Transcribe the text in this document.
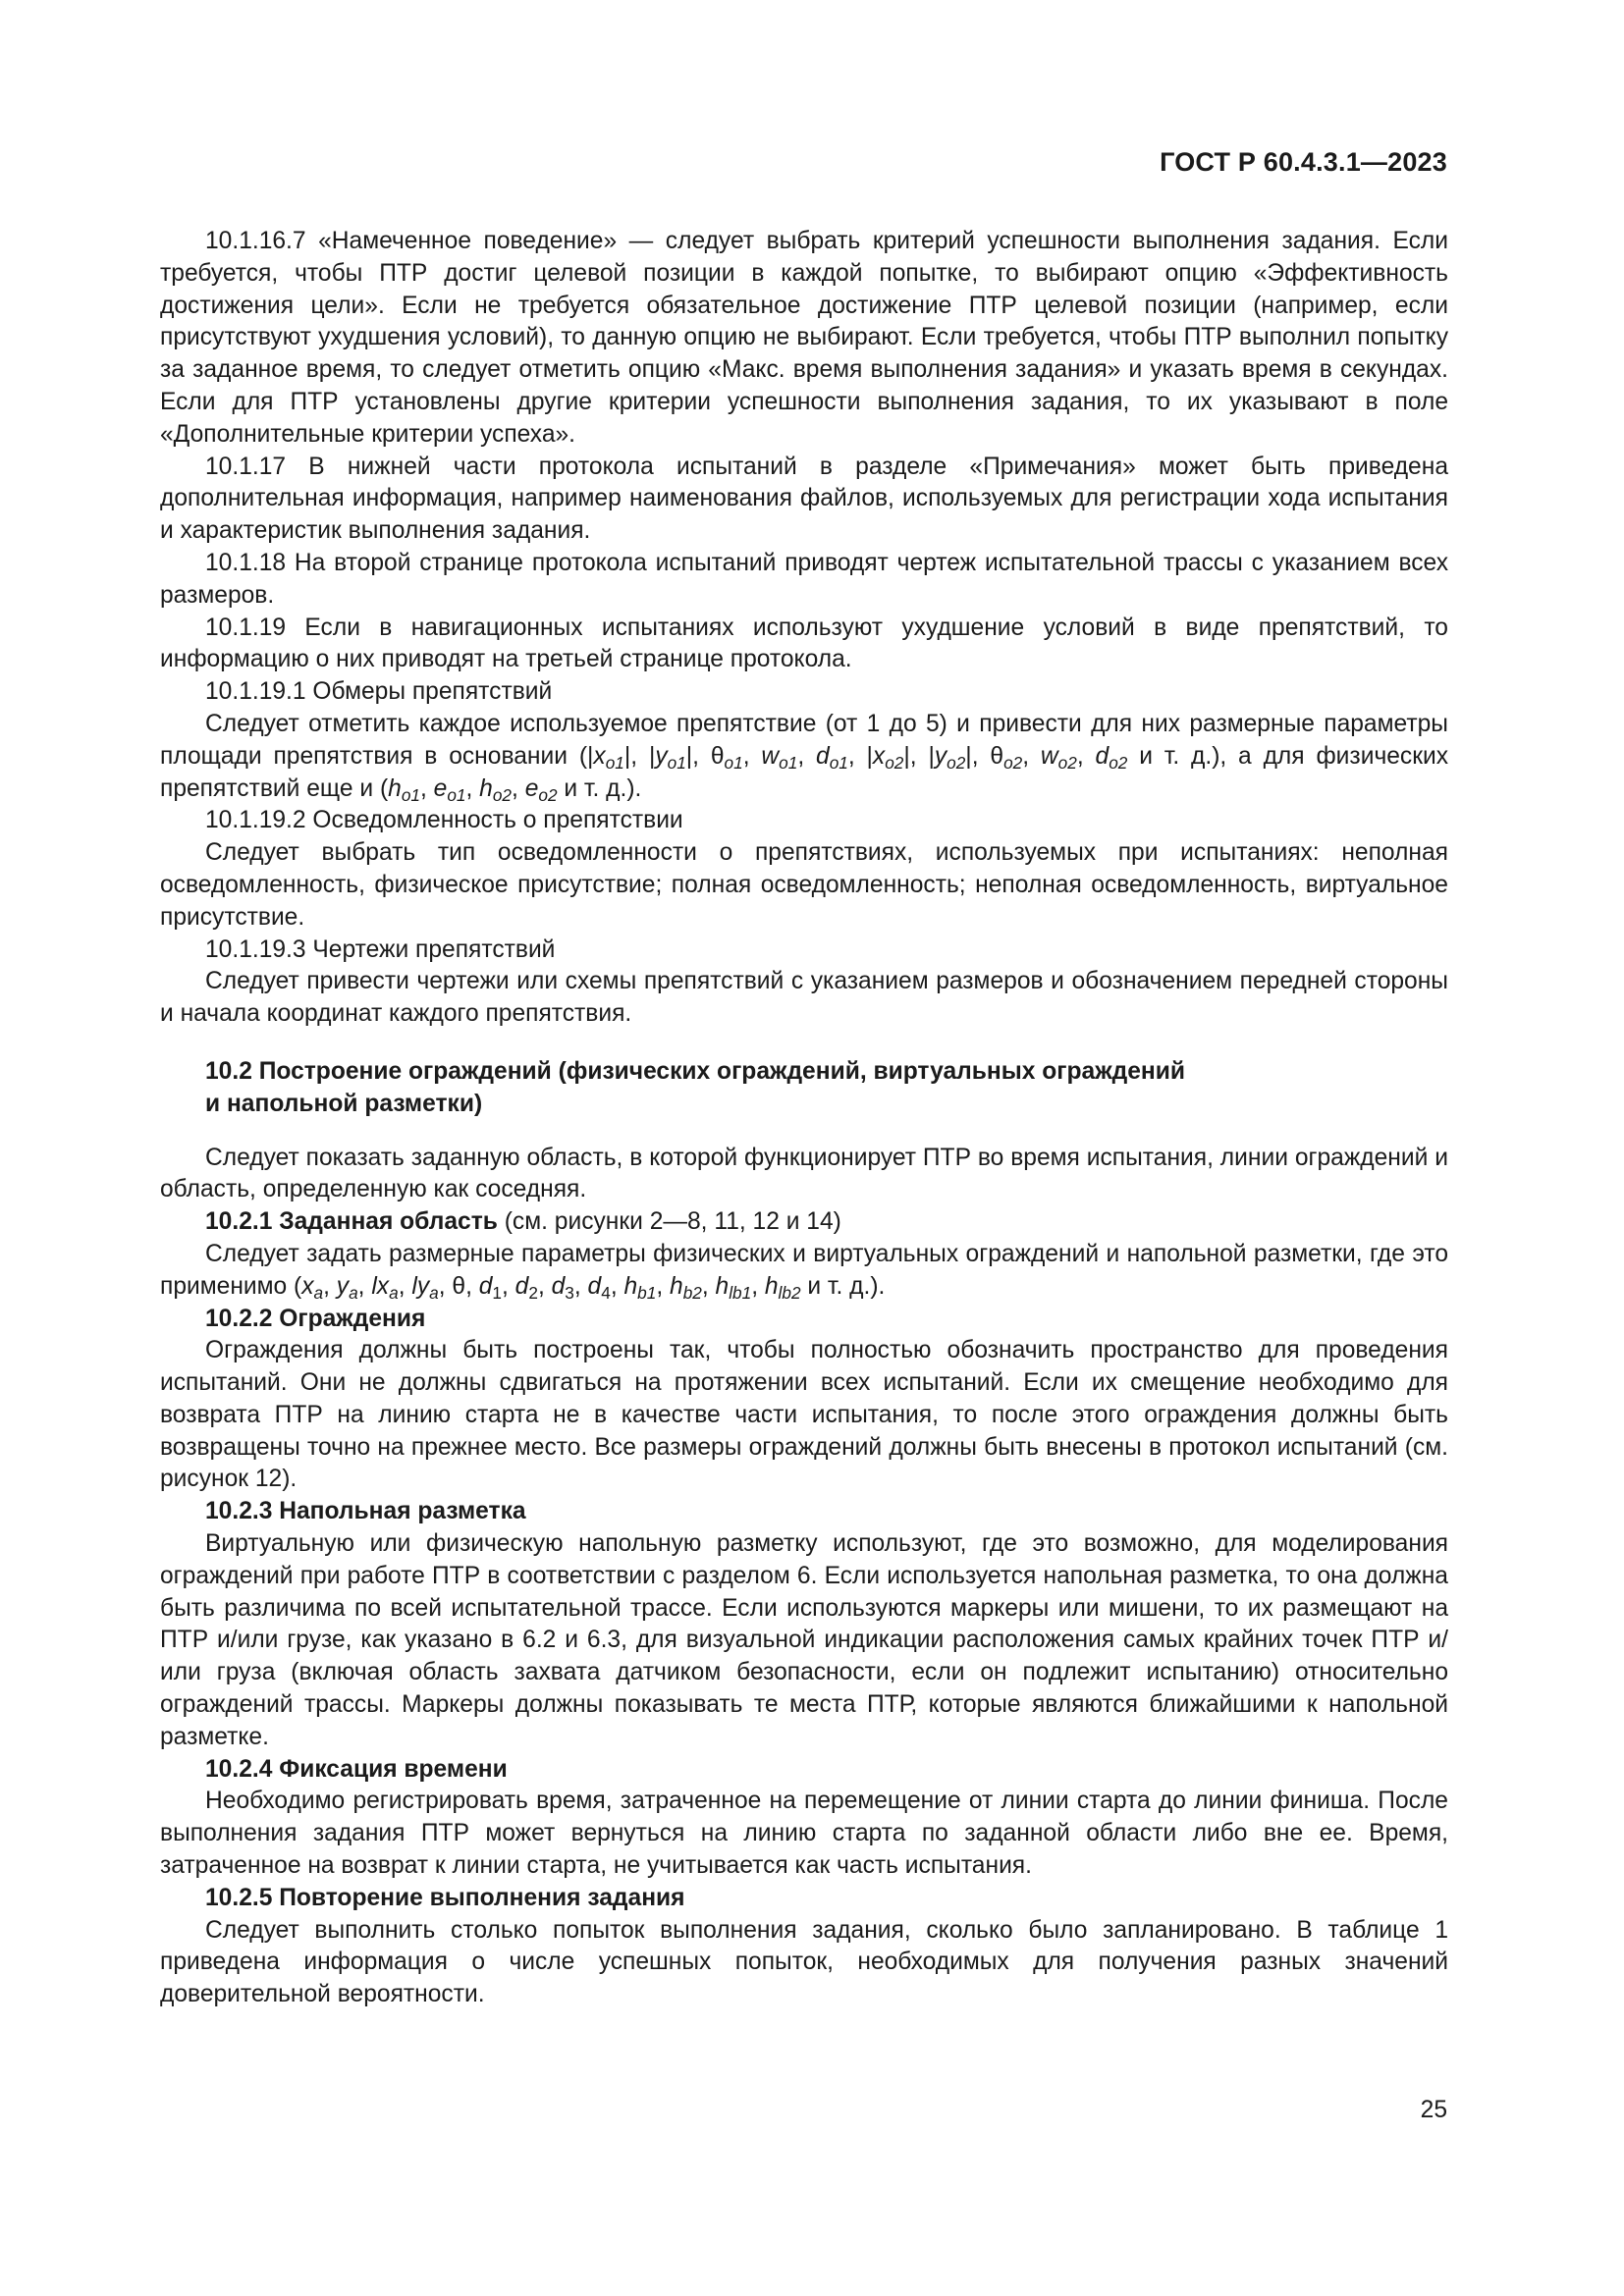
ГОСТ Р 60.4.3.1—2023

10.1.16.7 «Намеченное поведение» — следует выбрать критерий успешности выполнения задания. Если требуется, чтобы ПТР достиг целевой позиции в каждой попытке, то выбирают опцию «Эффективность достижения цели». Если не требуется обязательное достижение ПТР целевой позиции (например, если присутствуют ухудшения условий), то данную опцию не выбирают. Если требуется, чтобы ПТР выполнил попытку за заданное время, то следует отметить опцию «Макс. время выполнения задания» и указать время в секундах. Если для ПТР установлены другие критерии успешности выполнения задания, то их указывают в поле «Дополнительные критерии успеха».

10.1.17 В нижней части протокола испытаний в разделе «Примечания» может быть приведена дополнительная информация, например наименования файлов, используемых для регистрации хода испытания и характеристик выполнения задания.

10.1.18 На второй странице протокола испытаний приводят чертеж испытательной трассы с указанием всех размеров.

10.1.19 Если в навигационных испытаниях используют ухудшение условий в виде препятствий, то информацию о них приводят на третьей странице протокола.

10.1.19.1 Обмеры препятствий

Следует отметить каждое используемое препятствие (от 1 до 5) и привести для них размерные параметры площади препятствия в основании ($|x_{o1}|$, $|y_{o1}|$, $\theta_{o1}$, $w_{o1}$, $d_{o1}$, $|x_{o2}|$, $|y_{o2}|$, $\theta_{o2}$, $w_{o2}$, $d_{o2}$ и т. д.), а для физических препятствий еще и ($h_{o1}$, $e_{o1}$, $h_{o2}$, $e_{o2}$ и т. д.).

10.1.19.2 Осведомленность о препятствии

Следует выбрать тип осведомленности о препятствиях, используемых при испытаниях: неполная осведомленность, физическое присутствие; полная осведомленность; неполная осведомленность, виртуальное присутствие.

10.1.19.3 Чертежи препятствий

Следует привести чертежи или схемы препятствий с указанием размеров и обозначением передней стороны и начала координат каждого препятствия.

10.2 Построение ограждений (физических ограждений, виртуальных ограждений
и напольной разметки)

Следует показать заданную область, в которой функционирует ПТР во время испытания, линии ограждений и область, определенную как соседняя.

10.2.1 Заданная область (см. рисунки 2—8, 11, 12 и 14)

Следует задать размерные параметры физических и виртуальных ограждений и напольной разметки, где это применимо ($x_a$, $y_a$, $lx_a$, $ly_a$, θ, $d_1$, $d_2$, $d_3$, $d_4$, $h_{b1}$, $h_{b2}$, $h_{lb1}$, $h_{lb2}$ и т. д.).

10.2.2 Ограждения

Ограждения должны быть построены так, чтобы полностью обозначить пространство для проведения испытаний. Они не должны сдвигаться на протяжении всех испытаний. Если их смещение необходимо для возврата ПТР на линию старта не в качестве части испытания, то после этого ограждения должны быть возвращены точно на прежнее место. Все размеры ограждений должны быть внесены в протокол испытаний (см. рисунок 12).

10.2.3 Напольная разметка

Виртуальную или физическую напольную разметку используют, где это возможно, для моделирования ограждений при работе ПТР в соответствии с разделом 6. Если используется напольная разметка, то она должна быть различима по всей испытательной трассе. Если используются маркеры или мишени, то их размещают на ПТР и/или грузе, как указано в 6.2 и 6.3, для визуальной индикации расположения самых крайних точек ПТР и/или груза (включая область захвата датчиком безопасности, если он подлежит испытанию) относительно ограждений трассы. Маркеры должны показывать те места ПТР, которые являются ближайшими к напольной разметке.

10.2.4 Фиксация времени

Необходимо регистрировать время, затраченное на перемещение от линии старта до линии финиша. После выполнения задания ПТР может вернуться на линию старта по заданной области либо вне ее. Время, затраченное на возврат к линии старта, не учитывается как часть испытания.

10.2.5 Повторение выполнения задания

Следует выполнить столько попыток выполнения задания, сколько было запланировано. В таблице 1 приведена информация о числе успешных попыток, необходимых для получения разных значений доверительной вероятности.

25
